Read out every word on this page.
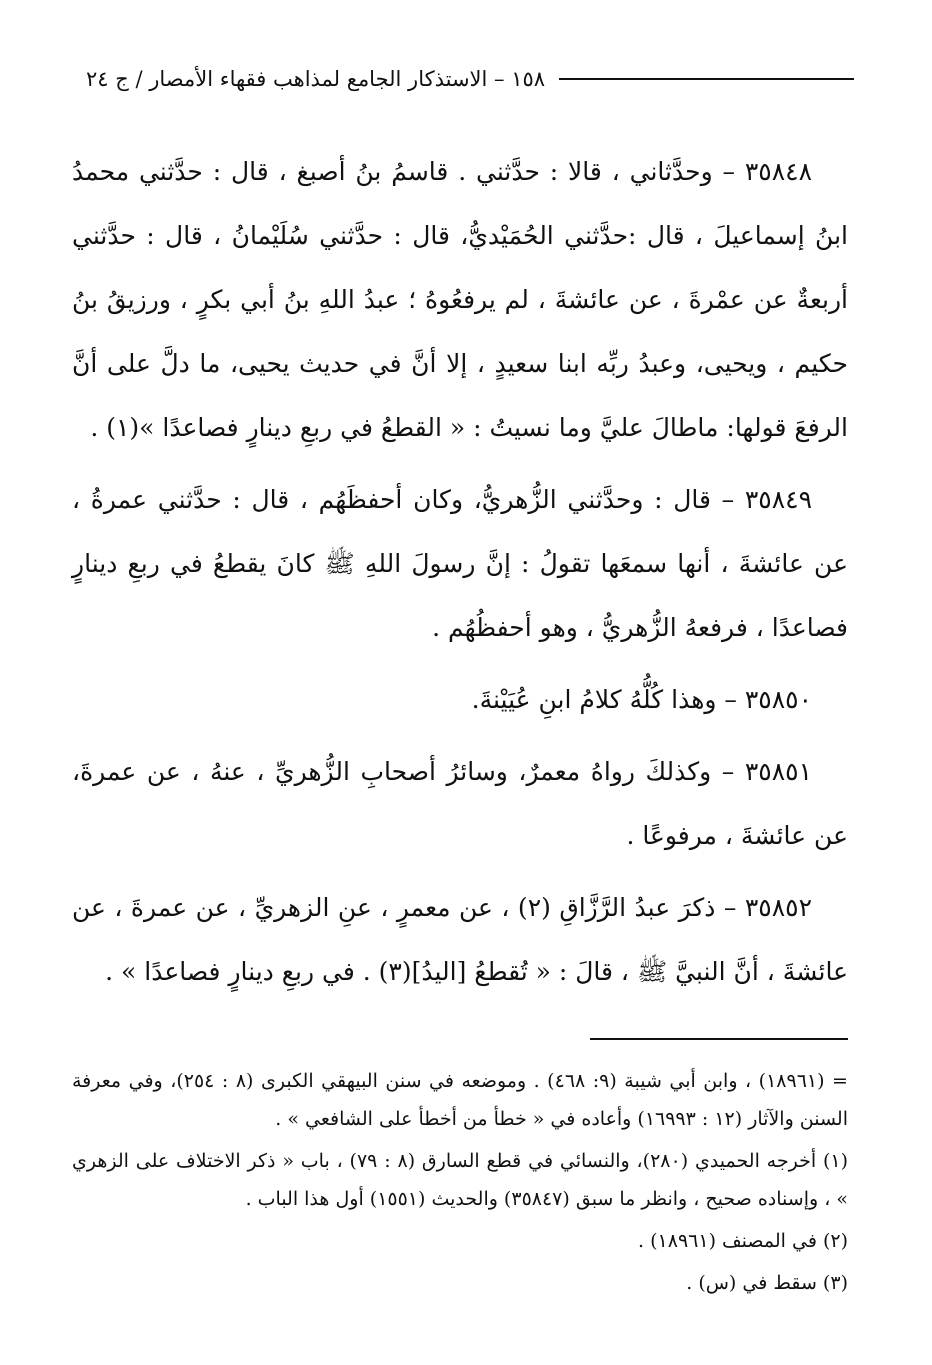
١٥٨ – الاستذكار الجامع لمذاهب فقهاء الأمصار / ج ٢٤

٣٥٨٤٨ – وحدَّثاني ، قالا : حدَّثني . قاسمُ بنُ أصبغ ، قال : حدَّثني محمدُ ابنُ إسماعيلَ ، قال :حدَّثني الحُمَيْديُّ، قال : حدَّثني سُلَيْمانُ ، قال : حدَّثني أربعةٌ عن عمْرةَ ، عن عائشةَ ، لم يرفعُوهُ ؛ عبدُ اللهِ بنُ أبي بكرٍ ، ورزيقُ بنُ حكيم ، ويحيى، وعبدُ ربِّه ابنا سعيدٍ ، إلا أنَّ في حديث يحيى، ما دلَّ على أنَّ الرفعَ قولها: ماطالَ عليَّ وما نسيتُ : « القطعُ في ربعِ دينارٍ فصاعدًا »(١) .

٣٥٨٤٩ – قال : وحدَّثني الزُّهريُّ، وكان أحفظَهُم ، قال : حدَّثني عمرةُ ، عن عائشةَ ، أنها سمعَها تقولُ : إنَّ رسولَ اللهِ ﷺ كانَ يقطعُ في ربعِ دينارٍ فصاعدًا ، فرفعهُ الزُّهريُّ ، وهو أحفظُهُم .

٣٥٨٥٠ – وهذا كُلُّهُ كلامُ ابنِ عُيَيْنةَ.

٣٥٨٥١ – وكذلكَ رواهُ معمرٌ، وسائرُ أصحابِ الزُّهريِّ ، عنهُ ، عن عمرةَ، عن عائشةَ ، مرفوعًا .

٣٥٨٥٢ – ذكرَ عبدُ الرَّزَّاقِ (٢) ، عن معمرٍ ، عنِ الزهريِّ ، عن عمرةَ ، عن عائشةَ ، أنَّ النبيَّ ﷺ ، قالَ : « تُقطعُ [اليدُ](٣) . في ربعِ دينارٍ فصاعدًا » .

= (١٨٩٦١) ، وابن أبي شيبة (٩: ٤٦٨) . وموضعه في سنن البيهقي الكبرى (٨ : ٢٥٤)، وفي معرفة السنن والآثار (١٢ : ١٦٩٩٣) وأعاده في « خطأ من أخطأ على الشافعي » .

(١) أخرجه الحميدي (٢٨٠)، والنسائي في قطع السارق (٨ : ٧٩) ، باب « ذكر الاختلاف على الزهري » ، وإسناده صحيح ، وانظر ما سبق (٣٥٨٤٧) والحديث (١٥٥١) أول هذا الباب .

(٢) في المصنف (١٨٩٦١) .

(٣) سقط في (س) .
